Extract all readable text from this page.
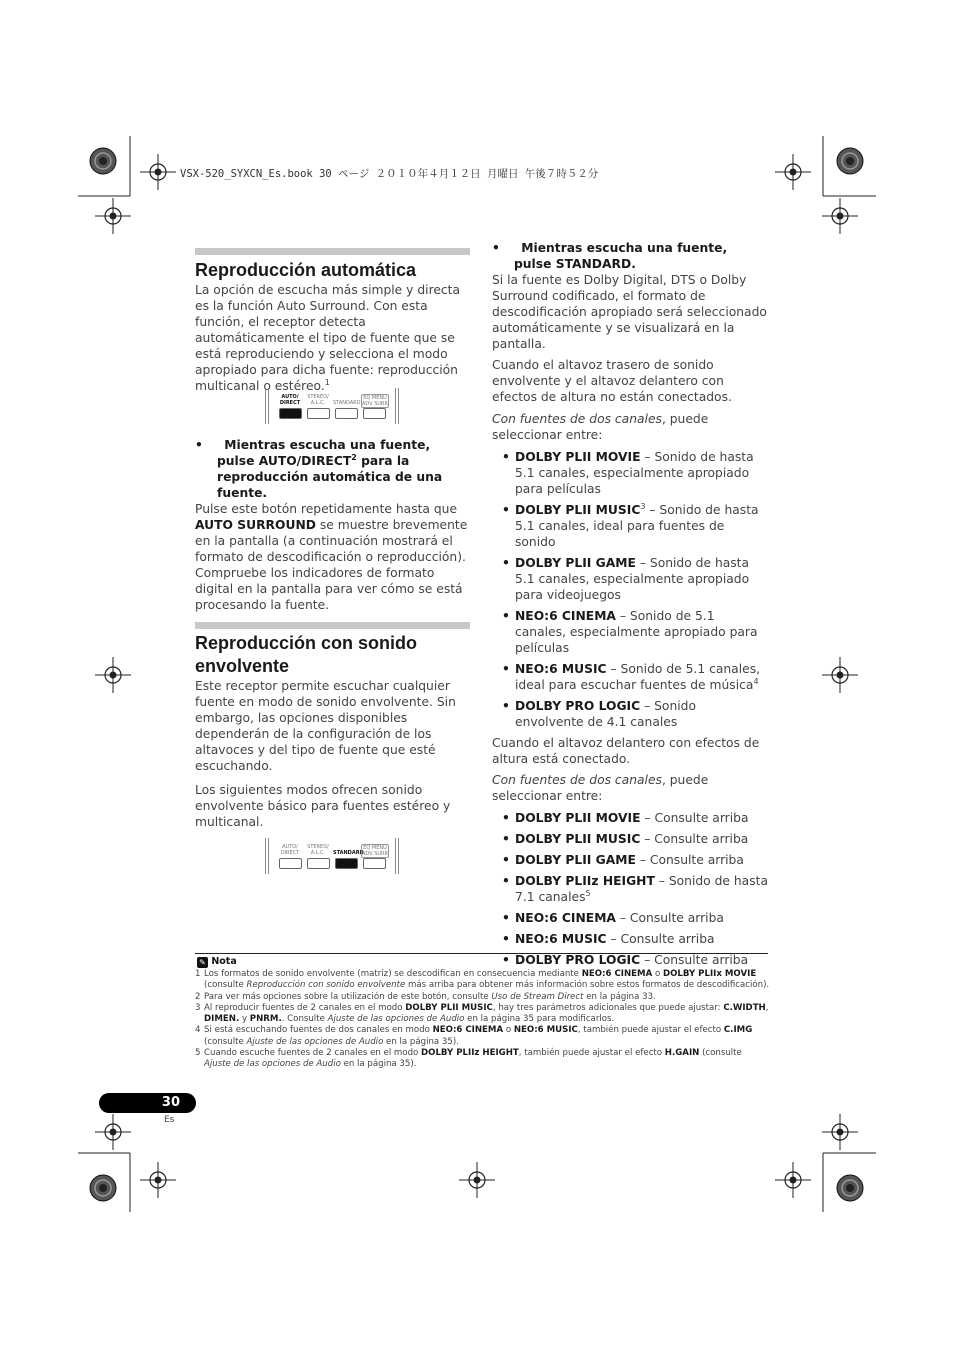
VSX-520_SYXCN_Es.book 30 ページ ２０１０年４月１２日 月曜日 午後７時５２分
Reproducción automática

La opción de escucha más simple y directa es la función Auto Surround. Con esta función, el receptor detecta automáticamente el tipo de fuente que se está reproduciendo y selecciona el modo apropiado para dicha fuente: reproducción multicanal o estéreo.$^1$

AUTO/
DIRECT
STEREO/
A.L.C.	STANDARD
EQ MENU
ADV SURR

•     Mientras escucha una fuente, pulse AUTO/DIRECT$^2$ para la reproducción automática de una fuente.

Pulse este botón repetidamente hasta que AUTO SURROUND se muestre brevemente en la pantalla (a continuación mostrará el formato de descodificación o reproducción). Compruebe los indicadores de formato digital en la pantalla para ver cómo se está procesando la fuente.

Reproducción con sonido envolvente

Este receptor permite escuchar cualquier fuente en modo de sonido envolvente. Sin embargo, las opciones disponibles dependerán de la configuración de los altavoces y del tipo de fuente que esté escuchando.

Los siguientes modos ofrecen sonido envolvente básico para fuentes estéreo y multicanal.

AUTO/
DIRECT
STEREO/
A.L.C.	STANDARD
EQ MENU
ADV SURR

•     Mientras escucha una fuente, pulse STANDARD.

Si la fuente es Dolby Digital, DTS o Dolby Surround codificado, el formato de descodificación apropiado será seleccionado automáticamente y se visualizará en la pantalla.

Cuando el altavoz trasero de sonido envolvente y el altavoz delantero con efectos de altura no están conectados.

Con fuentes de dos canales, puede seleccionar entre:

• DOLBY PLII MOVIE – Sonido de hasta 5.1 canales, especialmente apropiado para películas
• DOLBY PLII MUSIC$^3$ – Sonido de hasta 5.1 canales, ideal para fuentes de sonido
• DOLBY PLII GAME – Sonido de hasta 5.1 canales, especialmente apropiado para videojuegos
• NEO:6 CINEMA – Sonido de 5.1 canales, especialmente apropiado para películas
• NEO:6 MUSIC – Sonido de 5.1 canales, ideal para escuchar fuentes de música$^4$
• DOLBY PRO LOGIC – Sonido envolvente de 4.1 canales

Cuando el altavoz delantero con efectos de altura está conectado.

Con fuentes de dos canales, puede seleccionar entre:

• DOLBY PLII MOVIE – Consulte arriba
• DOLBY PLII MUSIC – Consulte arriba
• DOLBY PLII GAME – Consulte arriba
• DOLBY PLIIz HEIGHT – Sonido de hasta 7.1 canales$^5$
• NEO:6 CINEMA – Consulte arriba
• NEO:6 MUSIC – Consulte arriba
• DOLBY PRO LOGIC – Consulte arriba
✎ Nota

1 Los formatos de sonido envolvente (matriz) se descodifican en consecuencia mediante NEO:6 CINEMA o DOLBY PLIIx MOVIE (consulte Reproducción con sonido envolvente más arriba para obtener más información sobre estos formatos de descodificación).

2 Para ver más opciones sobre la utilización de este botón, consulte Uso de Stream Direct en la página 33.

3 Al reproducir fuentes de 2 canales en el modo DOLBY PLII MUSIC, hay tres parámetros adicionales que puede ajustar: C.WIDTH, DIMEN. y PNRM.. Consulte Ajuste de las opciones de Audio en la página 35 para modificarlos.

4 Si está escuchando fuentes de dos canales en modo NEO:6 CINEMA o NEO:6 MUSIC, también puede ajustar el efecto C.IMG (consulte Ajuste de las opciones de Audio en la página 35).

5 Cuando escuche fuentes de 2 canales en el modo DOLBY PLIIz HEIGHT, también puede ajustar el efecto H.GAIN (consulte Ajuste de las opciones de Audio en la página 35).

30
Es
